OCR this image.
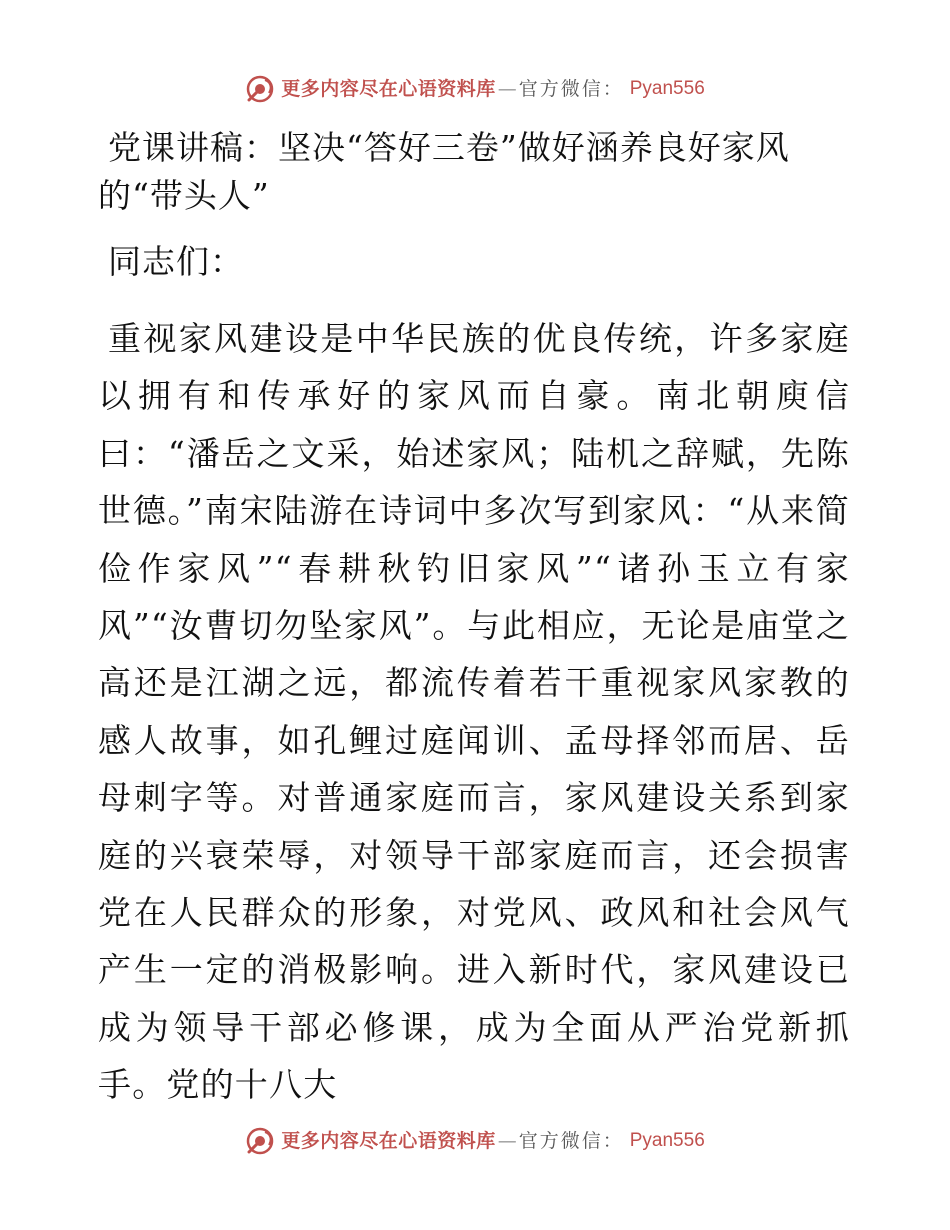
更多内容尽在心语资料库 — 官方微信： Pyan556
党课讲稿：坚决“答好三卷”做好涵养良好家风的“带头人”

同志们：

重视家风建设是中华民族的优良传统，许多家庭以拥有和传承好的家风而自豪。南北朝庾信曰：“潘岳之文采，始述家风；陆机之辞赋，先陈世德。”南宋陆游在诗词中多次写到家风：“从来简俭作家风”“春耕秋钓旧家风”“诸孙玉立有家风”“汝曹切勿坠家风”。与此相应，无论是庙堂之高还是江湖之远，都流传着若干重视家风家教的感人故事，如孔鲤过庭闻训、孟母择邻而居、岳母刺字等。对普通家庭而言，家风建设关系到家庭的兴衰荣辱，对领导干部家庭而言，还会损害党在人民群众的形象，对党风、政风和社会风气产生一定的消极影响。进入新时代，家风建设已成为领导干部必修课，成为全面从严治党新抓手。党的十八大

更多内容尽在心语资料库 — 官方微信： Pyan556
